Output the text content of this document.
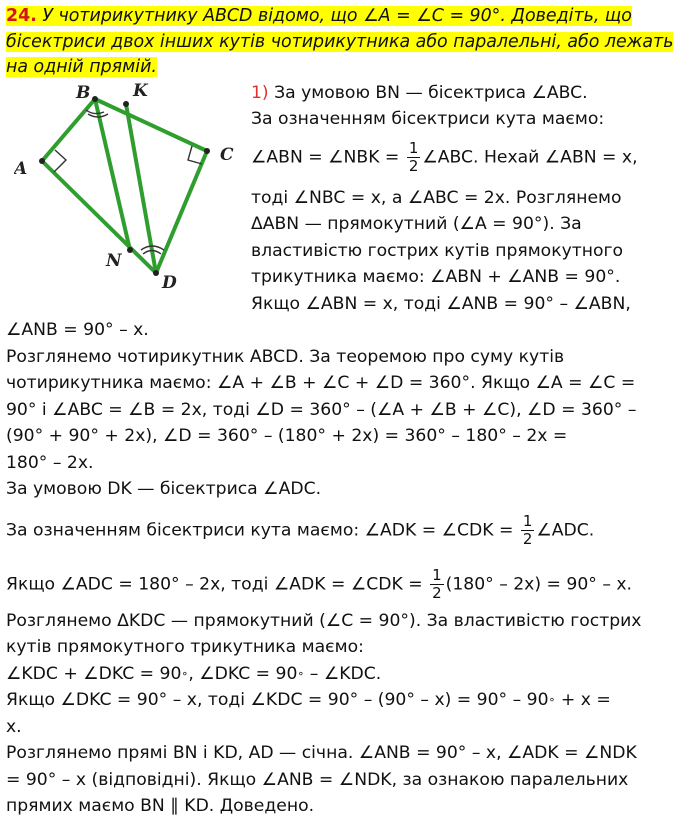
24. У чотирикутнику ABCD відомо, що ∠A = ∠C = 90°. Доведіть, що бісектриси двох інших кутів чотирикутника або паралельні, або лежать на одній прямій.
B	K
A
C
N
D
1) За умовою BN — бісектриса ∠ABC.
За означенням бісектриси кута маємо:
∠ABN = ∠NBK = $\frac{1}{2}$ ∠ABC. Нехай ∠ABN = x,
тоді ∠NBC = x, а ∠ABC = 2x. Розглянемо
ΔABN — прямокутний (∠A = 90°). За
властивістю гострих кутів прямокутного
трикутника маємо: ∠ABN + ∠ANB = 90°.
Якщо ∠ABN = x, тоді ∠ANB = 90° – ∠ABN,
∠ANB = 90° – x.
Розглянемо чотирикутник ABCD. За теоремою про суму кутів
чотирикутника маємо: ∠A + ∠B + ∠C + ∠D = 360°. Якщо ∠A = ∠C =
90° і ∠ABC = ∠B = 2x, тоді ∠D = 360° – (∠A + ∠B + ∠C), ∠D = 360° –
(90° + 90° + 2x), ∠D = 360° – (180° + 2x) = 360° – 180° – 2x =
180° – 2x.
За умовою DK — бісектриса ∠ADC.
За означенням бісектриси кута маємо: ∠ADK = ∠CDK = $\frac{1}{2}$ ∠ADC.
Якщо ∠ADC = 180° – 2x, тоді ∠ADK = ∠CDK = $\frac{1}{2} (180^\circ - 2x) = 90^\circ - x$.
Розглянемо ΔKDC — прямокутний (∠C = 90°). За властивістю гострих
кутів прямокутного трикутника маємо:
∠KDC + ∠DKC = 90∘, ∠DKC = 90∘ – ∠KDC.
Якщо ∠DKC = 90° – x, тоді ∠KDC = 90° – (90° – x) = 90° – 90∘ + x =
x.
Розглянемо прямі BN і KD, AD — січна. ∠ANB = 90° – x, ∠ADK = ∠NDK
= 90° – x (відповідні). Якщо ∠ANB = ∠NDK, за ознакою паралельних
прямих маємо BN ∥ KD. Доведено.
